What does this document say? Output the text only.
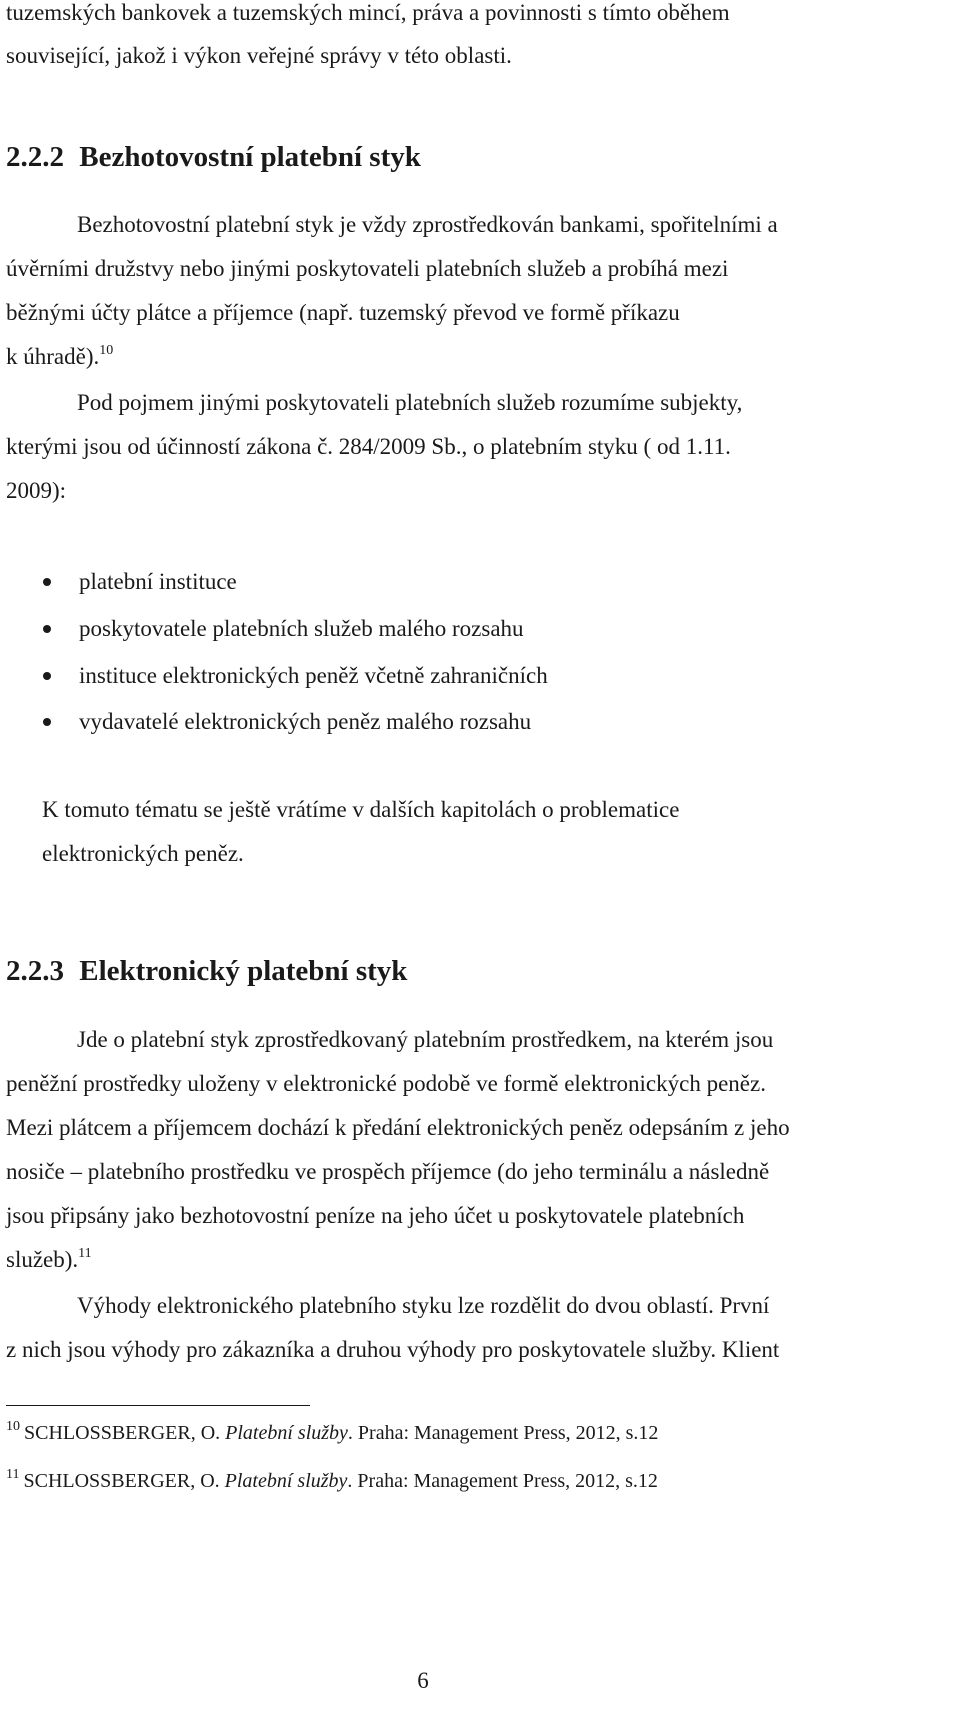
tuzemských bankovek a tuzemských mincí, práva a povinnosti s tímto oběhem
související, jakož i výkon veřejné správy v této oblasti.
2.2.2 Bezhotovostní platební styk
Bezhotovostní platební styk je vždy zprostředkován bankami, spořitelními a
úvěrními družstvy nebo jinými poskytovateli platebních služeb a probíhá mezi
běžnými účty plátce a příjemce (např. tuzemský převod ve formě příkazu
k úhradě).$^{10}$
Pod pojmem jinými poskytovateli platebních služeb rozumíme subjekty,
kterými jsou od účinností zákona č. 284/2009 Sb., o platebním styku ( od 1.11.
2009):
platební instituce
poskytovatele platebních služeb malého rozsahu
instituce elektronických peněž včetně zahraničních
vydavatelé elektronických peněz malého rozsahu
K tomuto tématu se ještě vrátíme v dalších kapitolách o problematice
elektronických peněz.
2.2.3 Elektronický platební styk
Jde o platební styk zprostředkovaný platebním prostředkem, na kterém jsou
peněžní prostředky uloženy v elektronické podobě ve formě elektronických peněz.
Mezi plátcem a příjemcem dochází k předání elektronických peněz odepsáním z jeho
nosiče – platebního prostředku ve prospěch příjemce (do jeho terminálu a následně
jsou připsány jako bezhotovostní peníze na jeho účet u poskytovatele platebních
služeb).$^{11}$
Výhody elektronického platebního styku lze rozdělit do dvou oblastí. První
z nich jsou výhody pro zákazníka a druhou výhody pro poskytovatele služby. Klient
$^{10}$ SCHLOSSBERGER, O. Platební služby. Praha: Management Press, 2012, s.12
$^{11}$ SCHLOSSBERGER, O. Platební služby. Praha: Management Press, 2012, s.12
6
